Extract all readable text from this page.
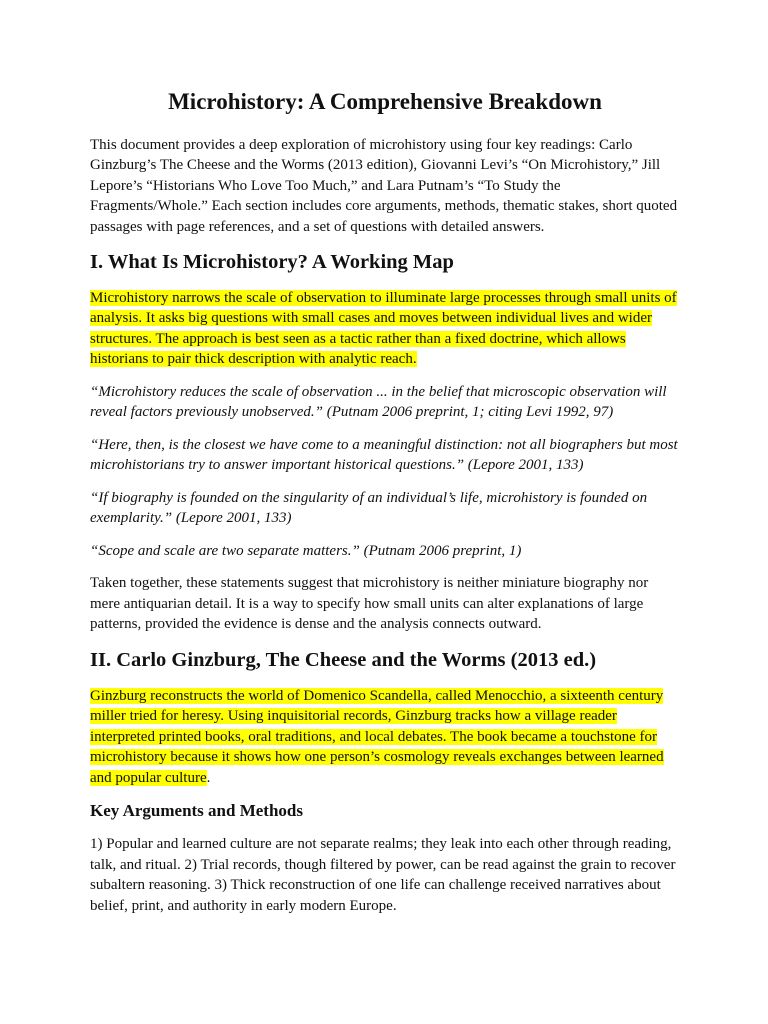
Microhistory: A Comprehensive Breakdown

This document provides a deep exploration of microhistory using four key readings: Carlo Ginzburg’s The Cheese and the Worms (2013 edition), Giovanni Levi’s “On Microhistory,” Jill Lepore’s “Historians Who Love Too Much,” and Lara Putnam’s “To Study the Fragments/Whole.” Each section includes core arguments, methods, thematic stakes, short quoted passages with page references, and a set of questions with detailed answers.

I. What Is Microhistory? A Working Map

Microhistory narrows the scale of observation to illuminate large processes through small units of analysis. It asks big questions with small cases and moves between individual lives and wider structures. The approach is best seen as a tactic rather than a fixed doctrine, which allows historians to pair thick description with analytic reach.

“Microhistory reduces the scale of observation ... in the belief that microscopic observation will reveal factors previously unobserved.” (Putnam 2006 preprint, 1; citing Levi 1992, 97)

“Here, then, is the closest we have come to a meaningful distinction: not all biographers but most microhistorians try to answer important historical questions.” (Lepore 2001, 133)

“If biography is founded on the singularity of an individual’s life, microhistory is founded on exemplarity.” (Lepore 2001, 133)

“Scope and scale are two separate matters.” (Putnam 2006 preprint, 1)

Taken together, these statements suggest that microhistory is neither miniature biography nor mere antiquarian detail. It is a way to specify how small units can alter explanations of large patterns, provided the evidence is dense and the analysis connects outward.

II. Carlo Ginzburg, The Cheese and the Worms (2013 ed.)

Ginzburg reconstructs the world of Domenico Scandella, called Menocchio, a sixteenth century miller tried for heresy. Using inquisitorial records, Ginzburg tracks how a village reader interpreted printed books, oral traditions, and local debates. The book became a touchstone for microhistory because it shows how one person’s cosmology reveals exchanges between learned and popular culture.

Key Arguments and Methods

1) Popular and learned culture are not separate realms; they leak into each other through reading, talk, and ritual. 2) Trial records, though filtered by power, can be read against the grain to recover subaltern reasoning. 3) Thick reconstruction of one life can challenge received narratives about belief, print, and authority in early modern Europe.
